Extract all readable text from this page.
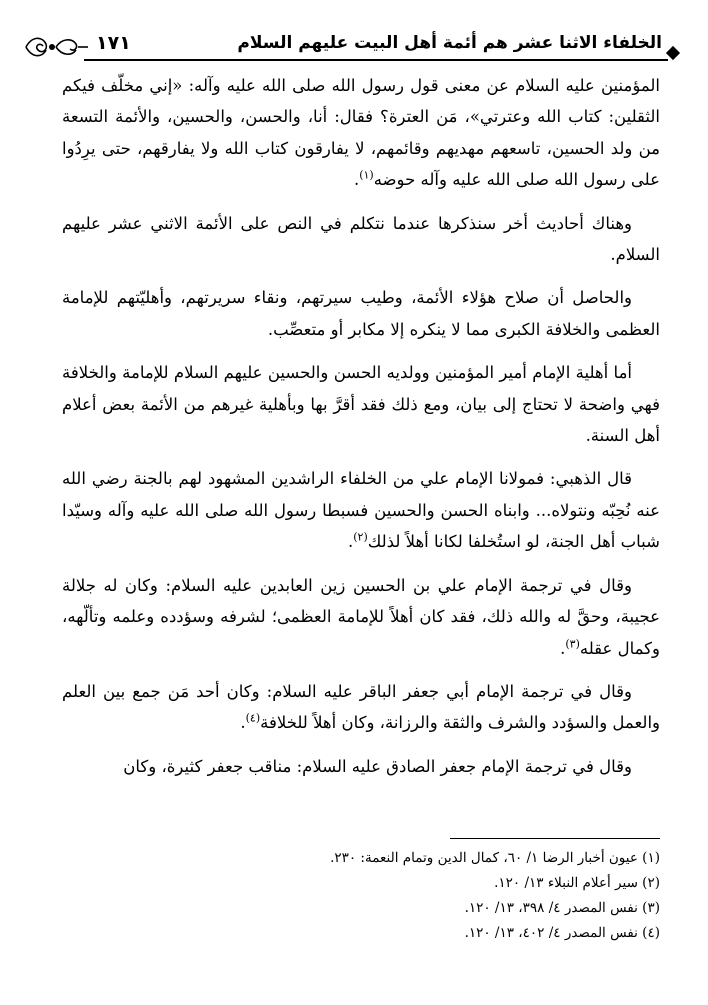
١٧١	الخلفاء الاثنا عشر هم أئمة أهل البيت عليهم السلام

المؤمنين عليه السلام عن معنى قول رسول الله صلى الله عليه وآله: «إني مخلّف فيكم الثقلين: كتاب الله وعترتي»، مَن العترة؟ فقال: أنا، والحسن، والحسين، والأئمة التسعة من ولد الحسين، تاسعهم مهديهم وقائمهم، لا يفارقون كتاب الله ولا يفارقهم، حتى يرِدُوا على رسول الله صلى الله عليه وآله حوضه$^{(١)}$.

وهناك أحاديث أخر سنذكرها عندما نتكلم في النص على الأئمة الاثني عشر عليهم السلام.

والحاصل أن صلاح هؤلاء الأئمة، وطيب سيرتهم، ونقاء سريرتهم، وأهليّتهم للإمامة العظمى والخلافة الكبرى مما لا ينكره إلا مكابر أو متعصِّب.

أما أهلية الإمام أمير المؤمنين وولديه الحسن والحسين عليهم السلام للإمامة والخلافة فهي واضحة لا تحتاج إلى بيان، ومع ذلك فقد أقرَّ بها وبأهلية غيرهم من الأئمة بعض أعلام أهل السنة.

قال الذهبي: فمولانا الإمام علي من الخلفاء الراشدين المشهود لهم بالجنة رضي الله عنه نُحِبّه ونتولاه... وابناه الحسن والحسين فسبطا رسول الله صلى الله عليه وآله وسيّدا شباب أهل الجنة، لو استُخلفا لكانا أهلاً لذلك$^{(٢)}$.

وقال في ترجمة الإمام علي بن الحسين زين العابدين عليه السلام: وكان له جلالة عجيبة، وحقَّ له والله ذلك، فقد كان أهلاً للإمامة العظمى؛ لشرفه وسؤدده وعلمه وتألّهه، وكمال عقله$^{(٣)}$.

وقال في ترجمة الإمام أبي جعفر الباقر عليه السلام: وكان أحد مَن جمع بين العلم والعمل والسؤدد والشرف والثقة والرزانة، وكان أهلاً للخلافة$^{(٤)}$.

وقال في ترجمة الإمام جعفر الصادق عليه السلام: مناقب جعفر كثيرة، وكان

(١) عيون أخبار الرضا ١/ ٦٠، كمال الدين وتمام النعمة: ٢٣٠.
(٢) سير أعلام النبلاء ١٣/ ١٢٠.
(٣) نفس المصدر ٤/ ٣٩٨، ١٣/ ١٢٠.
(٤) نفس المصدر ٤/ ٤٠٢، ١٣/ ١٢٠.
